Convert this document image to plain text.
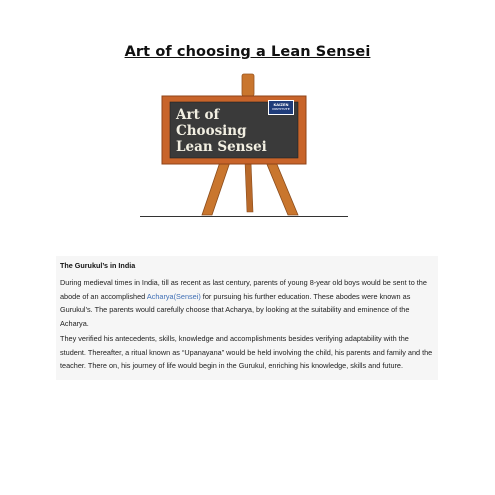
Art of choosing a Lean Sensei
Art of
Choosing
Lean Sensei
KAIZEN
INSTITUTE
The Gurukul’s in India
During medieval times in India, till as recent as last century, parents of young 8-year old boys would be sent to the abode of an accomplished Acharya(Sensei) for pursuing his further education. These abodes were known as Gurukul’s. The parents would carefully choose that Acharya, by looking at the suitability and eminence of the Acharya.
They verified his antecedents, skills, knowledge and accomplishments besides verifying adaptability with the student. Thereafter, a ritual known as “Upanayana” would be held involving the child, his parents and family and the teacher. There on, his journey of life would begin in the Gurukul, enriching his knowledge, skills and future.
